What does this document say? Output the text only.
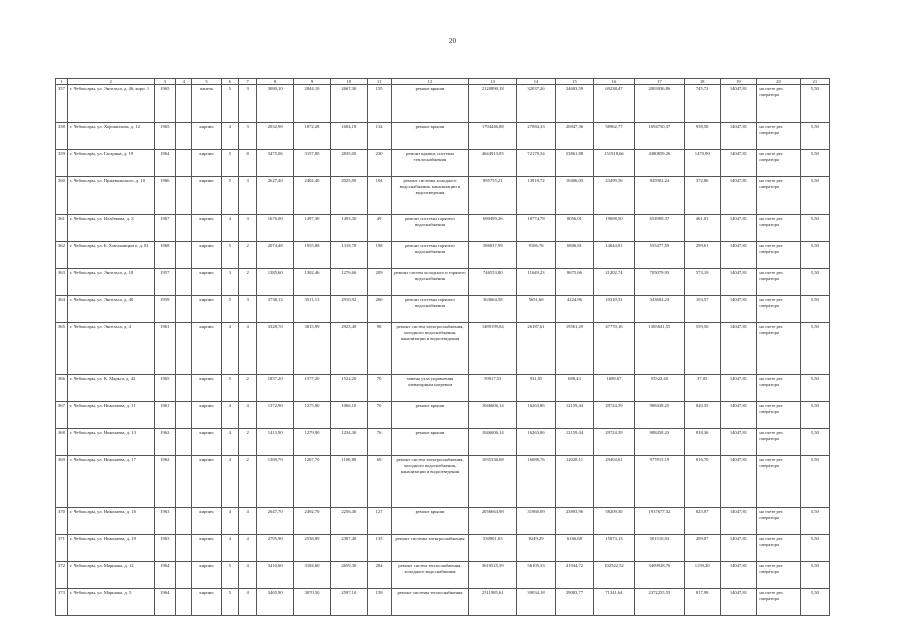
20
1	2	3	4	5	6	7	8	9	10	11	12	13	14	15	16	17	18	19	20	21
357	г. Чебоксары, ул. Энгельса, д. 46, корп. 1	1965		панель	5	3	3080,10	2844,10	2667,30	155	ремонт крыши	2120890,18	32037,26	24603,59	69238,47	2003036,86	745,72	14047,81	на счете рег. оператора	5,50
358	г. Чебоксары, ул. Хорошилова, д. 12	1965		кирпич	4	3	2032,98	1872,28	1604,18	134	ремонт крыши	1794446,88	27084,33	20847,36	58962,77	1694750,37	958,58	14047,81	на счете рег. оператора	5,50
359	г. Чебоксары, ул. Гагарина, д. 19	1964		кирпич	5	8	3475,06	3157,80	2835,00	230	ремонт крыши, системы теплоснабжения	4644913,05	72179,34	53861,88	151918,66	4380859,26	1470,90	14047,81	на счете рег. оператора	5,50
360	г. Чебоксары, ул. Пржевальского, д. 10	1966		кирпич	5	3	2627,40	2402,40	2025,90	104	ремонт системы холодного водоснабжения, канализации и водоотведения	895755,21	13919,72	10406,03	23499,56	845902,24	372,86	14047,81	на счете рег. оператора	5,50
361	г. Чебоксары, ул. Ильбекова, д. 3	1967		кирпич	4	3	1676,00	1497,30	1493,30	49	ремонт системы горячего водоснабжения	690499,26	10774,78	8056,01	19698,50	654969,37	461,01	14047,81	на счете рег. оператора	5,50
362	г. Чебоксары, ул. Б. Хмельницкого, д. 81	1968		кирпич	5	2	2074,48	1955,88	1318,78	198	ремонт системы горячего водоснабжения	586037,99	9106,76	6806,81	14644,81	555477,59	299,61	14047,81	на счете рег. оператора	5,50
363	г. Чебоксары, ул. Энгельса, д. 18	1957		кирпич	3	2	1385,60	1302,46	1276,66	209	ремонт систем холодного и горячего водоснабжения	746553,80	11649,23	8675,66	21202,74	705079,93	573,19	14047,81	на счете рег. оператора	5,50
364	г. Чебоксары, ул. Энгельса, д. 40	1959		кирпич	5	3	3738,13	3511,13	2910,92	266	ремонт системы горячего водоснабжения	363664,58	5651,66	4224,96	10320,31	343602,23	103,57	14047,81	на счете рег. оператора	5,50
365	г. Чебоксары, ул. Энгельса, д. 4	1961		кирпич	4	4	3328,70	3015,99	2925,40	98	ремонт систем электроснабжения, холодного водоснабжения, канализации и водоотведения	1489199,04	26187,61	19561,29	47770,16	1385841,55	559,56	14047,81	на счете рег. оператора	5,50
366	г. Чебоксары, ул. К. Маркса, д. 42	1965		кирпич	5	2	1857,20	1577,20	1522,20	70	замена узла управления элеваторным нагревом	59017,53	931,05	688,43	1689,67	55522,40	37,05	14047,81	на счете рег. оператора	5,50
367	г. Чебоксары, ул. Николаева, д. 11	1961		кирпич	4	4	1372,90	1275,90	1066,10	70	ремонт крыши	1046606,14	16263,86	12159,44	29724,59	988438,25	820,55	14047,81	на счете рег. оператора	5,50
368	г. Чебоксары, ул. Николаева, д. 13	1962		кирпич	4	2	1413,90	1279,90	1234,30	76	ремонт крыши	1046606,14	16263,86	12159,44	29724,59	988458,23	818,36	14047,81	на счете рег. оператора	5,50
369	г. Чебоксары, ул. Николаева, д. 17	1962		кирпич	4	2	1369,70	1267,70	1100,80	69	ремонт систем электроснабжения, холодного водоснабжения, канализации и водоотведения	1035336,68	16088,76	12028,11	29404,61	977815,19	816,70	14047,81	на счете рег. оператора	5,50
370	г. Чебоксары, ул. Николаева, д. 16	1963		кирпич	4	4	2647,70	2492,70	2256,40	127	ремонт крыши	2056664,98	31960,09	23893,96	58209,30	1937677,32	825,07	14047,81	на счете рег. оператора	5,50
371	г. Чебоксары, ул. Николаева, д. 19	1963		кирпич	4	4	2795,90	2538,89	2387,40	135	ремонт системы электроснабжения	530901,05	8249,29	6166,68	15073,13	501510,03	209,07	14047,81	на счете рег. оператора	5,50
372	г. Чебоксары, ул. Маршака, д. 12	1964		кирпич	5	4	3410,60	3184,60	2659,30	284	ремонт систем теплоснабжения, холодного водоснабжения	3610525,59	56105,33	41944,72	102542,52	3409928,76	1159,20	14047,81	на счете рег. оператора	5,50
373	г. Чебоксары, ул. Маршака, д. 5	1964		кирпич	5	4	3465,90	3070,50	2597,10	158	ремонт системы теплоснабжения	2511985,61	39034,18	29083,77	71341,64	2372255,55	817,98	14047,81	на счете рег. оператора	5,50
